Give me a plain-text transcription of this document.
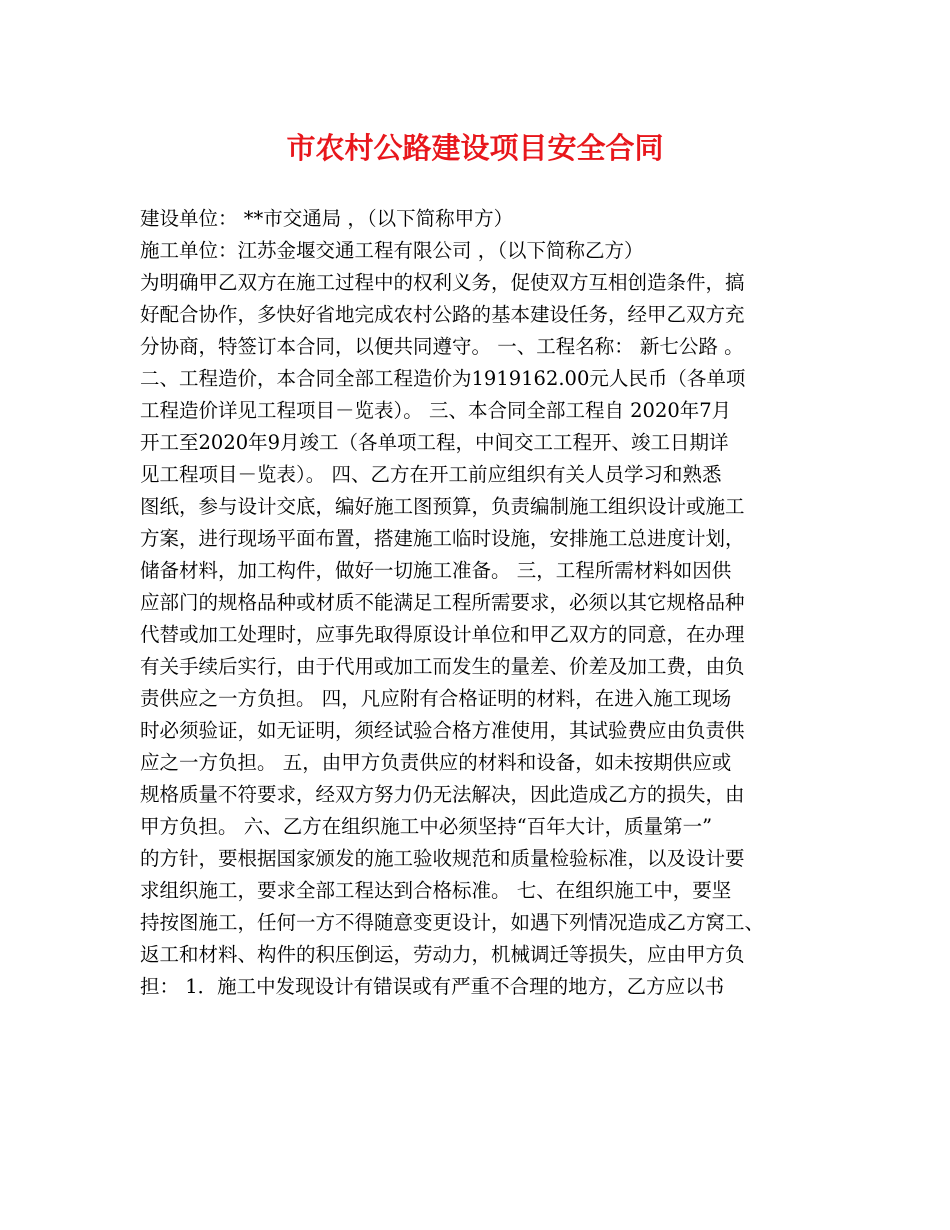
市农村公路建设项目安全合同
建设单位： **市交通局 ，（以下简称甲方）
施工单位：江苏金堰交通工程有限公司 ，（以下简称乙方）
为明确甲乙双方在施工过程中的权利义务，促使双方互相创造条件，搞
好配合协作，多快好省地完成农村公路的基本建设任务，经甲乙双方充
分协商，特签订本合同，以便共同遵守。 一、工程名称： 新七公路 。
二、工程造价，本合同全部工程造价为1919162.00元人民币（各单项
工程造价详见工程项目－览表）。 三、本合同全部工程自 2020年7月
开工至2020年9月竣工（各单项工程，中间交工工程开、竣工日期详
见工程项目－览表）。 四、乙方在开工前应组织有关人员学习和熟悉
图纸，参与设计交底，编好施工图预算，负责编制施工组织设计或施工
方案，进行现场平面布置，搭建施工临时设施，安排施工总进度计划，
储备材料，加工构件，做好一切施工准备。 三，工程所需材料如因供
应部门的规格品种或材质不能满足工程所需要求，必须以其它规格品种
代替或加工处理时，应事先取得原设计单位和甲乙双方的同意，在办理
有关手续后实行，由于代用或加工而发生的量差、价差及加工费，由负
责供应之一方负担。 四，凡应附有合格证明的材料，在进入施工现场
时必须验证，如无证明，须经试验合格方准使用，其试验费应由负责供
应之一方负担。 五，由甲方负责供应的材料和设备，如未按期供应或
规格质量不符要求，经双方努力仍无法解决，因此造成乙方的损失，由
甲方负担。 六、乙方在组织施工中必须坚持“百年大计，质量第一”
的方针，要根据国家颁发的施工验收规范和质量检验标准，以及设计要
求组织施工，要求全部工程达到合格标准。 七、在组织施工中，要坚
持按图施工，任何一方不得随意变更设计，如遇下列情况造成乙方窝工、
返工和材料、构件的积压倒运，劳动力，机械调迁等损失，应由甲方负
担： 1．施工中发现设计有错误或有严重不合理的地方，乙方应以书
